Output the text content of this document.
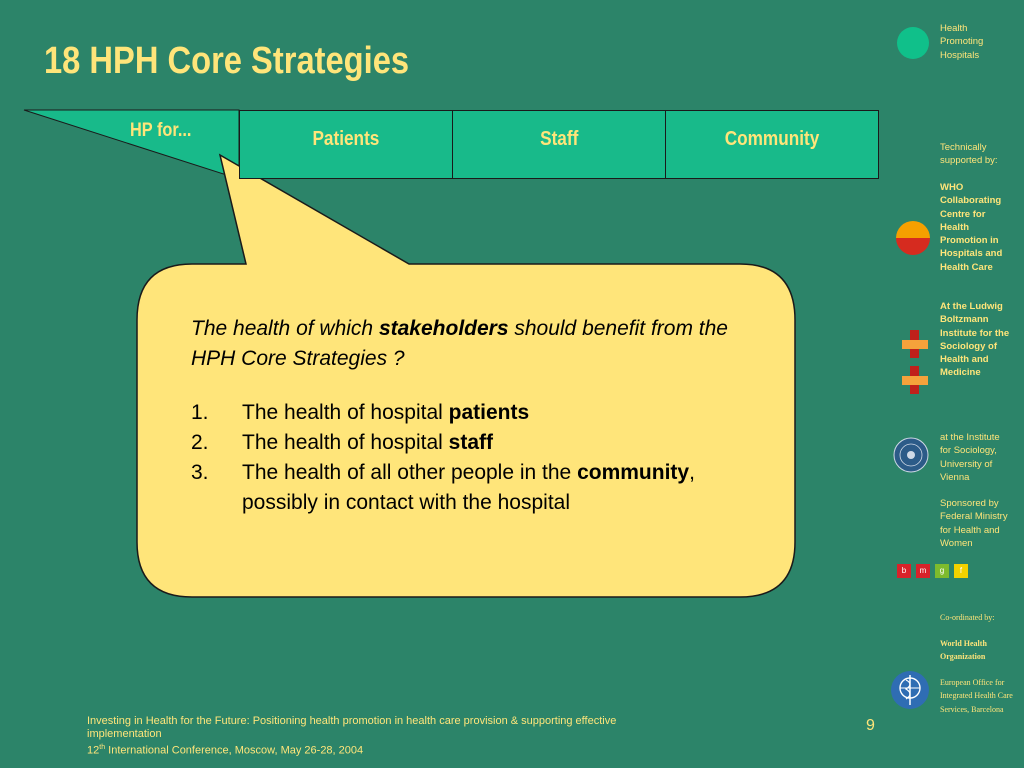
18 HPH Core Strategies
HP for...	Patients	Staff	Community

The health of which stakeholders should benefit from the HPH Core Strategies ?

1.	The health of hospital patients
2.	The health of hospital staff
3.	The health of all other people in the community, possibly in contact with the hospital
Health Promoting Hospitals
Technically supported by:
WHO Collaborating Centre for Health Promotion in Hospitals and Health Care
At the Ludwig Boltzmann Institute for the Sociology of Health and Medicine
at the Institute for Sociology, University of Vienna
Sponsored by Federal Ministry for Health and Women
b	m	g	f
Co-ordinated by:
World Health Organization
European Office for Integrated Health Care Services, Barcelona
Investing in Health for the Future: Positioning health promotion in health care provision & supporting effective implementation
12th International Conference, Moscow, May 26-28, 2004
9
